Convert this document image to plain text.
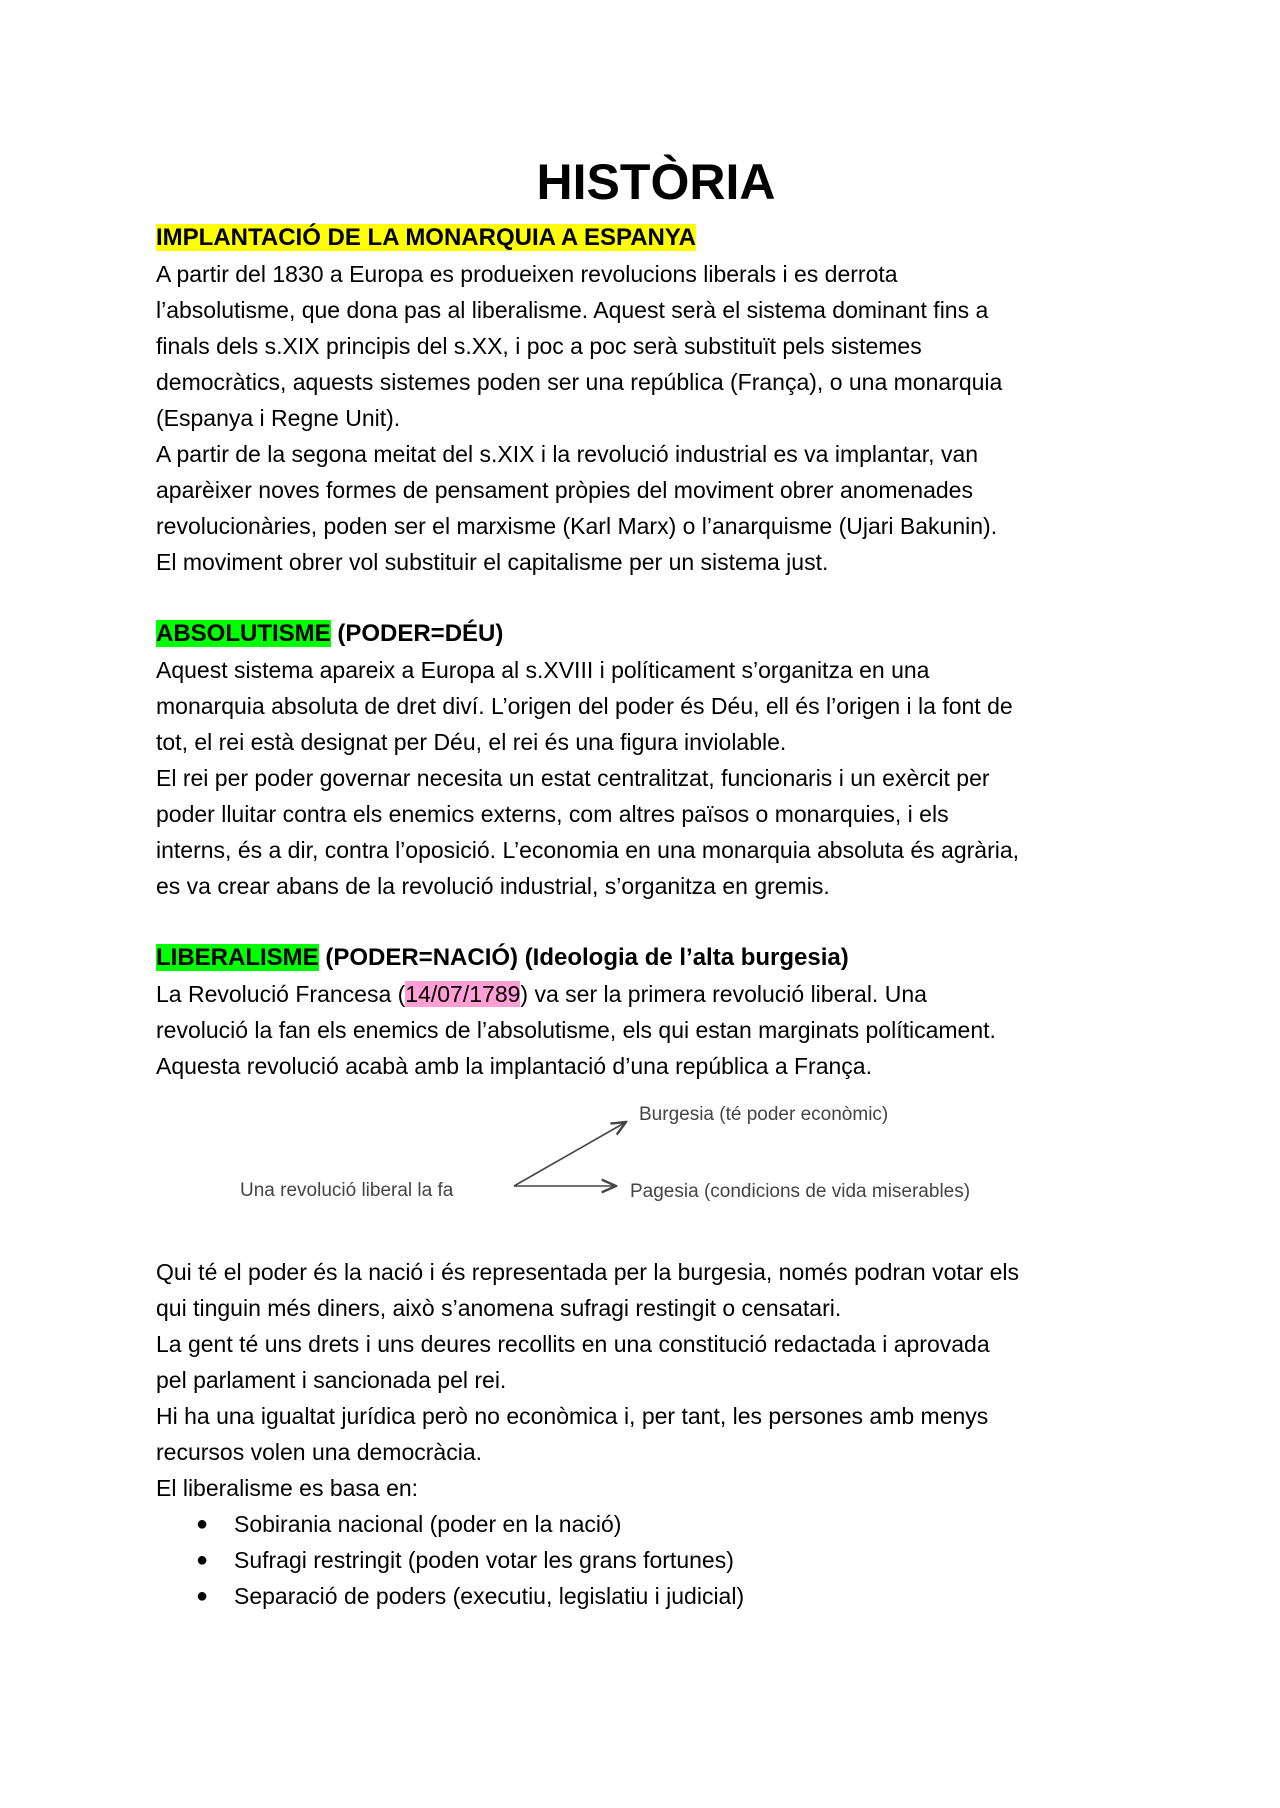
HISTÒRIA
IMPLANTACIÓ DE LA MONARQUIA A ESPANYA

A partir del 1830 a Europa es produeixen revolucions liberals i es derrota

l’absolutisme, que dona pas al liberalisme. Aquest serà el sistema dominant fins a

finals dels s.XIX principis del s.XX, i poc a poc serà substituït pels sistemes

democràtics, aquests sistemes poden ser una república (França), o una monarquia

(Espanya i Regne Unit).

A partir de la segona meitat del s.XIX i la revolució industrial es va implantar, van

aparèixer noves formes de pensament pròpies del moviment obrer anomenades

revolucionàries, poden ser el marxisme (Karl Marx) o l’anarquisme (Ujari Bakunin).

El moviment obrer vol substituir el capitalisme per un sistema just.

ABSOLUTISME (PODER=DÉU)

Aquest sistema apareix a Europa al s.XVIII i políticament s’organitza en una

monarquia absoluta de dret diví. L’origen del poder és Déu, ell és l’origen i la font de

tot, el rei està designat per Déu, el rei és una figura inviolable.

El rei per poder governar necesita un estat centralitzat, funcionaris i un exèrcit per

poder lluitar contra els enemics externs, com altres països o monarquies, i els

interns, és a dir, contra l’oposició. L’economia en una monarquia absoluta és agrària,

es va crear abans de la revolució industrial, s’organitza en gremis.

LIBERALISME (PODER=NACIÓ) (Ideologia de l’alta burgesia)

La Revolució Francesa (14/07/1789) va ser la primera revolució liberal. Una

revolució la fan els enemics de l’absolutisme, els qui estan marginats políticament.

Aquesta revolució acabà amb la implantació d’una república a França.

Una revolució liberal la fa
Burgesia (té poder econòmic)
Pagesia (condicions de vida miserables)

Qui té el poder és la nació i és representada per la burgesia, només podran votar els

qui tinguin més diners, això s’anomena sufragi restingit o censatari.

La gent té uns drets i uns deures recollits en una constitució redactada i aprovada

pel parlament i sancionada pel rei.

Hi ha una igualtat jurídica però no econòmica i, per tant, les persones amb menys

recursos volen una democràcia.

El liberalisme es basa en:

● Sobirania nacional (poder en la nació)
● Sufragi restringit (poden votar les grans fortunes)
● Separació de poders (executiu, legislatiu i judicial)
